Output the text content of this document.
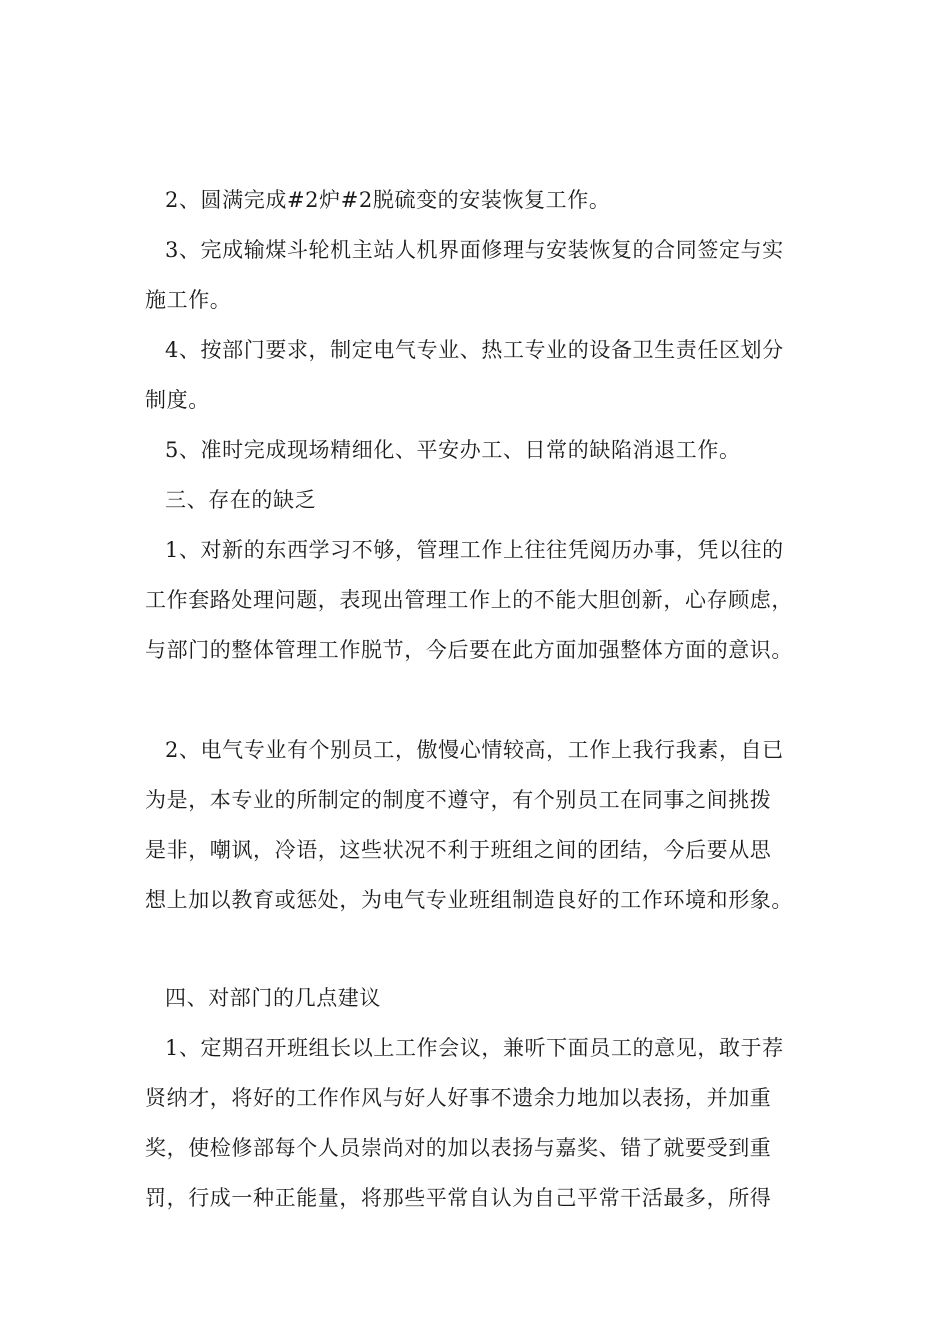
2、圆满完成#2炉#2脱硫变的安装恢复工作。
3、完成输煤斗轮机主站人机界面修理与安装恢复的合同签定与实
施工作。
4、按部门要求，制定电气专业、热工专业的设备卫生责任区划分
制度。
5、准时完成现场精细化、平安办工、日常的缺陷消退工作。
三、存在的缺乏
1、对新的东西学习不够，管理工作上往往凭阅历办事，凭以往的
工作套路处理问题，表现出管理工作上的不能大胆创新，心存顾虑，
与部门的整体管理工作脱节，今后要在此方面加强整体方面的意识。
2、电气专业有个别员工，傲慢心情较高，工作上我行我素，自已
为是，本专业的所制定的制度不遵守，有个别员工在同事之间挑拨
是非，嘲讽，冷语，这些状况不利于班组之间的团结，今后要从思
想上加以教育或惩处，为电气专业班组制造良好的工作环境和形象。
四、对部门的几点建议
1、定期召开班组长以上工作会议，兼听下面员工的意见，敢于荐
贤纳才，将好的工作作风与好人好事不遗余力地加以表扬，并加重
奖，使检修部每个人员崇尚对的加以表扬与嘉奖、错了就要受到重
罚，行成一种正能量，将那些平常自认为自己平常干活最多，所得
